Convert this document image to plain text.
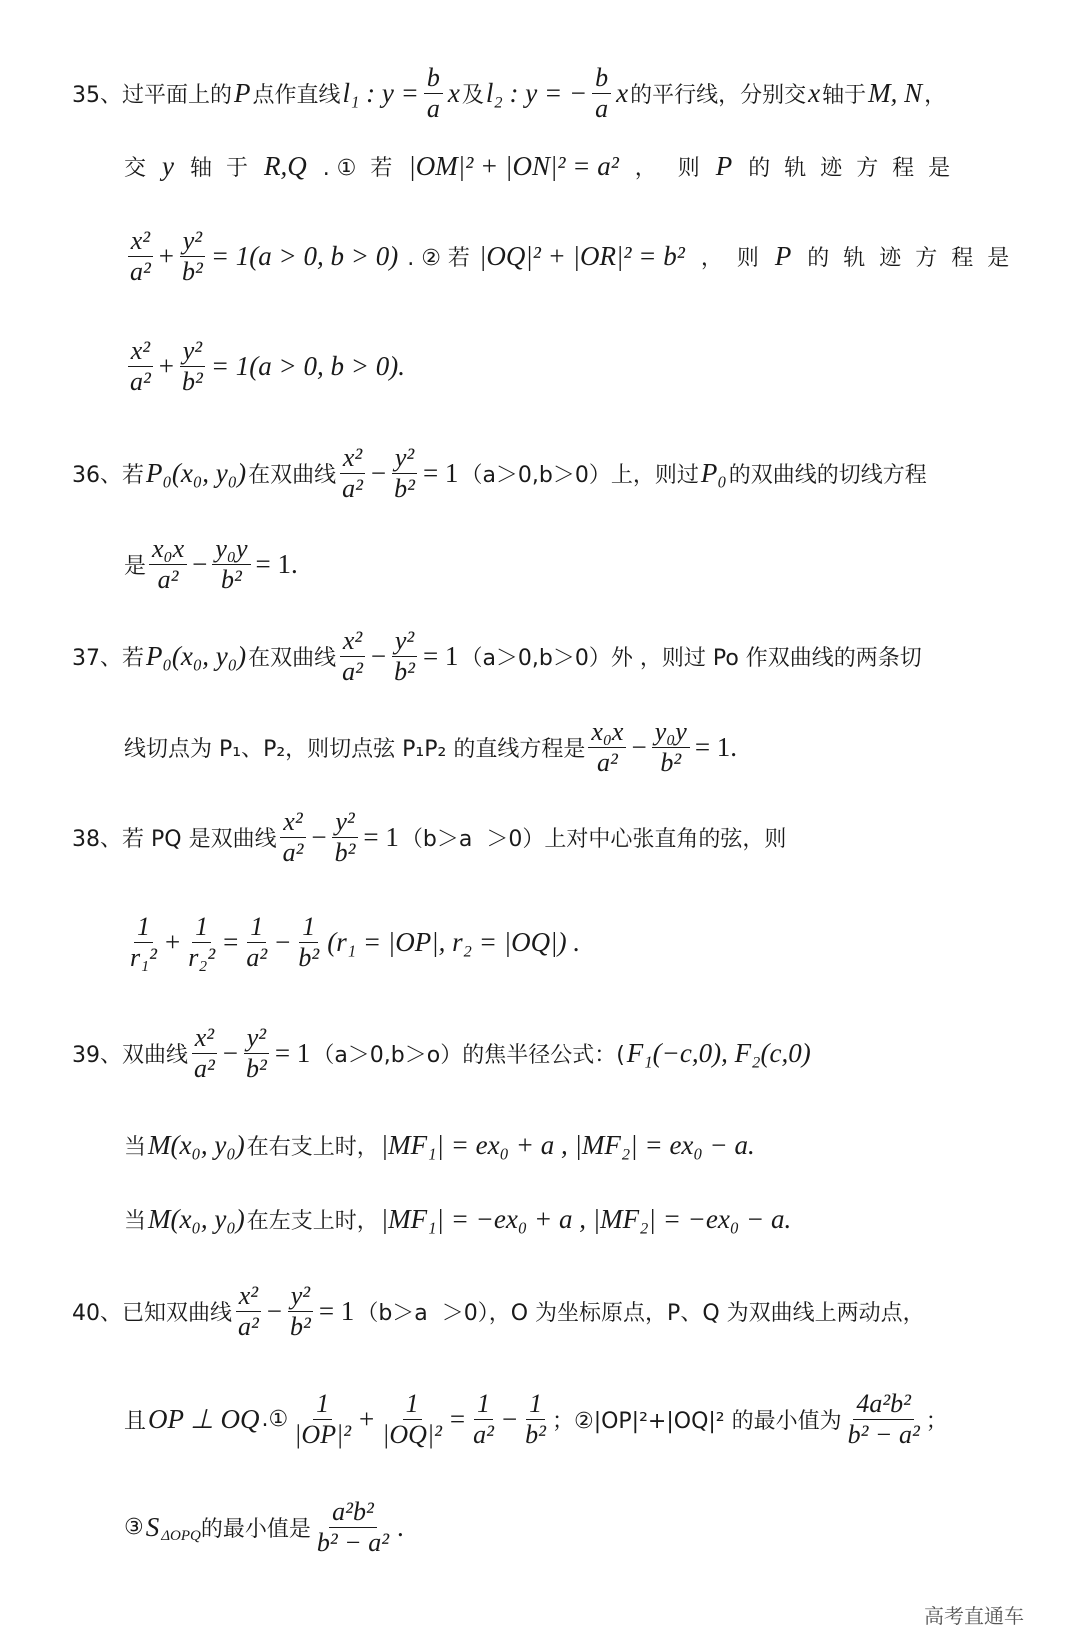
35、过平面上的 P 点作直线 l₁ : $y = \frac{b}{a}$ x 及 l₂ : y = − $\frac{b}{a}$ x 的平行线，分别交 x 轴于 M, N ，
交 y 轴  于 R,Q . ①  若 |OM|² + |ON|² = a² ，   则 P 的  轨  迹  方  程  是
$\frac{\text{x²}}{\text{a²}} + \frac{\text{y²}}{\text{b²}} = 1(a > 0$, b > 0) . ② 若 |OQ|² + |OR|² = b² ，  则 P 的  轨  迹  方  程  是
$\frac{\text{x²}}{\text{a²}} + \frac{\text{y²}}{\text{b²}} = 1(a > 0$, b > 0).
36、若 P₀(x₀, y₀) 在双曲线 $\frac{\text{x²}}{\text{a²}} - \frac{\text{y²}}{\text{b²}} = 1$ （a＞0,b＞0）上，则过 P₀ 的双曲线的切线方程
是 $\frac{\text{x₀x}}{\text{a²}} - \frac{\text{y₀y}}{\text{b²}} = 1$.
37、若 P₀(x₀, y₀) 在双曲线 $\frac{\text{x²}}{\text{a²}} - \frac{\text{y²}}{\text{b²}} = 1$ （a＞0,b＞0）外 ，则过 Po 作双曲线的两条切
线切点为 P₁、P₂，则切点弦 P₁P₂ 的直线方程是 $\frac{\text{x₀x}}{\text{a²}} - \frac{\text{y₀y}}{\text{b²}} = 1$.
38、若 PQ 是双曲线 $\frac{\text{x²}}{\text{a²}} - \frac{\text{y²}}{\text{b²}} = 1$ （b＞a  ＞0）上对中心张直角的弦，则
$\frac{1}{\text{r₁²}} + \frac{1}{\text{r₂²}} = \frac{1}{\text{a²}} - \frac{1}{\text{b²}} (r_1 = |OP|$, r₂ = |OQ|) .
39、双曲线 $\frac{\text{x²}}{\text{a²}} - \frac{\text{y²}}{\text{b²}} = 1$ （a＞0,b＞o）的焦半径公式：( F₁(−c,0), F₂(c,0)
当 M(x₀, y₀) 在右支上时， |MF₁| = ex₀ + a , |MF₂| = ex₀ − a.
当 M(x₀, y₀) 在左支上时， |MF₁| = −ex₀ + a , |MF₂| = −ex₀ − a.
40、已知双曲线 $\frac{\text{x²}}{\text{a²}} - \frac{\text{y²}}{\text{b²}} = 1$ （b＞a  ＞0），O 为坐标原点，P、Q 为双曲线上两动点，
且 OP ⊥ OQ .① $\frac{1}{\text{|OP|²}} + \frac{1}{\text{|OQ|²}} = \frac{1}{\text{a²}} - \frac{1}{\text{b²}}$ ；②|OP|²+|OQ|² 的最小值为 $\frac{\text{4a²b²}}{\text{b² − a²}}$ ；
③ S ΔOPQ 的最小值是 $\frac{\text{a²b²}}{\text{b² − a²}}$ .
高考直通车
